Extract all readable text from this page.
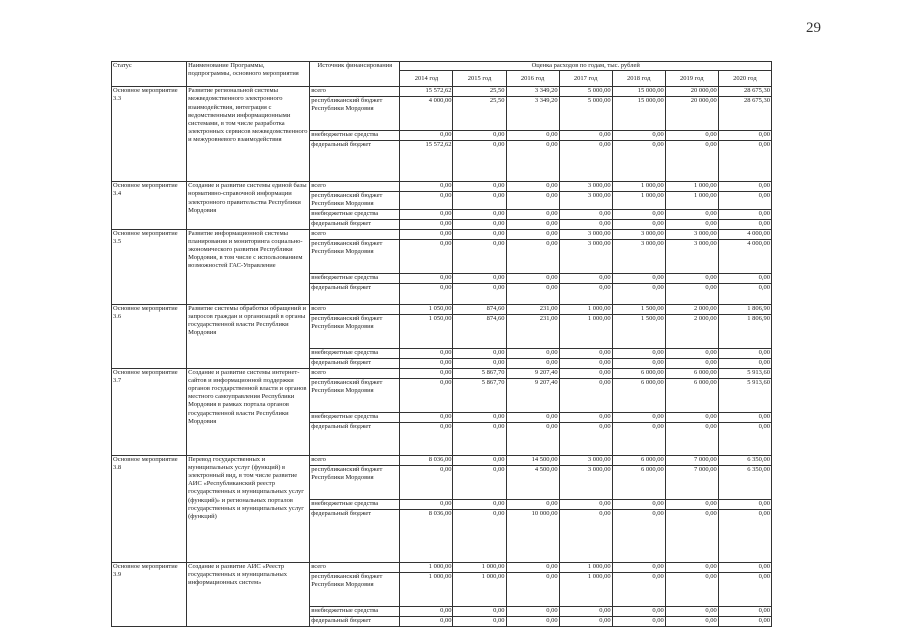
29
Статус	Наименование Программы, подпрограммы, основного мероприятия	Источник финансирования	Оценка расходов по годам, тыс. рублей						
			2014 год	2015 год	2016 год	2017 год	2018 год	2019 год	2020 год
Основное мероприятие 3.3	Развитие региональной системы межведомственного электронного взаимодействия, интеграция с ведомственными информационными системами, в том числе разработка электронных сервисов межведомственного и межуровневого взаимодействия	всего	15 572,62	25,50	3 349,20	5 000,00	15 000,00	20 000,00	28 675,30
		республиканский бюджет Республики Мордовия	4 000,00	25,50	3 349,20	5 000,00	15 000,00	20 000,00	28 675,30
		внебюджетные средства	0,00	0,00	0,00	0,00	0,00	0,00	0,00
		федеральный бюджет	15 572,62	0,00	0,00	0,00	0,00	0,00	0,00
Основное мероприятие 3.4	Создание и развитие системы единой базы нормативно-справочной информации электронного правительства Республики Мордовия	всего	0,00	0,00	0,00	3 000,00	1 000,00	1 000,00	0,00
		республиканский бюджет Республики Мордовия	0,00	0,00	0,00	3 000,00	1 000,00	1 000,00	0,00
		внебюджетные средства	0,00	0,00	0,00	0,00	0,00	0,00	0,00
		федеральный бюджет	0,00	0,00	0,00	0,00	0,00	0,00	0,00
Основное мероприятие 3.5	Развитие информационной системы планирования и мониторинга социально-экономического развития Республики Мордовия, в том числе с использованием возможностей ГАС-Управление	всего	0,00	0,00	0,00	3 000,00	3 000,00	3 000,00	4 000,00
		республиканский бюджет Республики Мордовия	0,00	0,00	0,00	3 000,00	3 000,00	3 000,00	4 000,00
		внебюджетные средства	0,00	0,00	0,00	0,00	0,00	0,00	0,00
		федеральный бюджет	0,00	0,00	0,00	0,00	0,00	0,00	0,00
Основное мероприятие 3.6	Развитие системы обработки обращений и запросов граждан и организаций в органы государственной власти Республики Мордовия	всего	1 050,00	874,60	231,00	1 000,00	1 500,00	2 000,00	1 806,90
		республиканский бюджет Республики Мордовия	1 050,00	874,60	231,00	1 000,00	1 500,00	2 000,00	1 806,90
		внебюджетные средства	0,00	0,00	0,00	0,00	0,00	0,00	0,00
		федеральный бюджет	0,00	0,00	0,00	0,00	0,00	0,00	0,00
Основное мероприятие 3.7	Создание и развитие системы интернет-сайтов и информационной поддержки органов государственной власти и органов местного самоуправления Республики Мордовия в рамках портала органов государственной власти Республики Мордовия	всего	0,00	5 867,70	9 207,40	0,00	6 000,00	6 000,00	5 913,60
		республиканский бюджет Республики Мордовия	0,00	5 867,70	9 207,40	0,00	6 000,00	6 000,00	5 913,60
		внебюджетные средства	0,00	0,00	0,00	0,00	0,00	0,00	0,00
		федеральный бюджет	0,00	0,00	0,00	0,00	0,00	0,00	0,00
Основное мероприятие 3.8	Перевод государственных и муниципальных услуг (функций) в электронный вид, в том числе развитие АИС «Республиканский реестр государственных и муниципальных услуг (функций)» и региональных порталов государственных и муниципальных услуг (функций)	всего	8 036,00	0,00	14 500,00	3 000,00	6 000,00	7 000,00	6 350,00
		республиканский бюджет Республики Мордовия	0,00	0,00	4 500,00	3 000,00	6 000,00	7 000,00	6 350,00
		внебюджетные средства	0,00	0,00	0,00	0,00	0,00	0,00	0,00
		федеральный бюджет	8 036,00	0,00	10 000,00	0,00	0,00	0,00	0,00
Основное мероприятие 3.9	Создание и развитие АИС «Реестр государственных и муниципальных информационных систем»	всего	1 000,00	1 000,00	0,00	1 000,00	0,00	0,00	0,00
		республиканский бюджет Республики Мордовия	1 000,00	1 000,00	0,00	1 000,00	0,00	0,00	0,00
		внебюджетные средства	0,00	0,00	0,00	0,00	0,00	0,00	0,00
		федеральный бюджет	0,00	0,00	0,00	0,00	0,00	0,00	0,00
